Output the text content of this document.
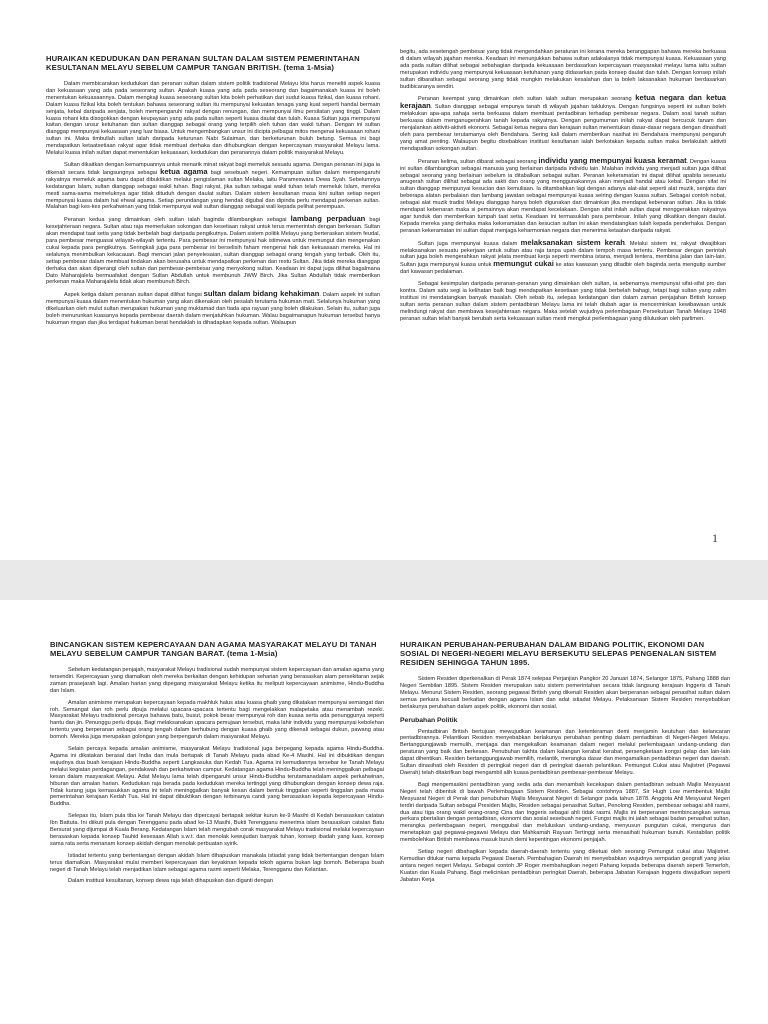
HURAIKAN KEDUDUKAN DAN PERANAN SULTAN DALAM SISTEM PEMERINTAHAN KESULTANAN MELAYU SEBELUM CAMPUR TANGAN BRITISH. (tema 1-Msia)

Dalam membicarakan kedudukan dan peranan sultan dalam sistem politik tradisional Melayu kita harus meneliti aspek kuasa dan kekuasaan yang ada pada seseorang sultan. Apakah kuasa yang ada pada seseorang dan bagaimanakah kuasa ini boleh menentukan kekuasaannya. Dalam mengkaji kuasa seseorang sultan kita boleh perhatikan dari sudut kuasa fizikal, dan kuasa rohani. Dalam kuasa fizikal kita boleh tentukan bahawa seseorang sultan itu mempunyai kekuatan tenaga yang kuat seperti handal bermain senjata, kebal daripada senjata, boleh mempengaruhi rakyat dengan renungan, dan mempunyai ilmu persilatan yang tinggi. Dalam kuasa rohani kita disogokkan dengan keupayaan yang ada pada sultan seperti kuasa daulat dan tulah. Kuasa Sultan juga mempunyai kaitan dengan unsur ketuhanan dan sultan dianggap sebagai orang yang terpilih oleh tuhan dan wakil tuhan. Dengan ini sultan dianggap mempunyai kekuasaan yang luar biasa. Untuk mengembangkan unsur ini dicipta pelbagai mitos mengenai kekuasaan rohani sultan ini. Maka timbullah sultan ialah daripada keturunan Nabi Sulaiman, dan berketurunan buluh betung. Semua ini bagi mendapatkan ketaatsetiaan rakyat agar tidak membuat derhaka dan dihubungkan dengan kepercayaan masyarakat Melayu lama. Melalui kuasa inilah sultan dapat menentukan kekuasaan, kedudukan dan peranannya dalam politik masyarakat Melayu.

Sultan dikaitkan dengan kemampuannya untuk menarik minat rakyat bagi memeluk sesuatu agama. Dengan peranan ini juga ia dikenali secara tidak langsungnya sebagai ketua agama bagi sesebuah negeri. Kemampuan sultan dalam mempengaruhi rakyatnya memeluk agama baru dapat dibuktikan melalui pengislaman sultan Melaka, iaitu Parameswara Dewa Syah. Sebelumnya kedatangan Islam, sultan dianggap sebagai wakil tuhan. Bagi rakyat, jika sultan sebagai wakil tuhan telah memeluk Islam, mereka mesti sama-sama memeluknya agar tidak dituduh dengan daulat sultan. Dalam sistem kesultanan masa kini sultan setiap negeri mempunyai kuasa dalam hal ehwal agama. Setiap perundangan yang hendak digubal dan dipinda perlu mendapat perkenan sultan. Malahan bagi kes-kes perkahwinan yang tidak mempunyai wali sultan dianggap sebagai wali kepada pelihat perempuan.

Peranan kedua yang dimainkan oleh sultan ialah baginda dilambangkan sebagai lambang perpaduan bagi kesejahteraan negara. Sultan atau raja memerlukan sokongan dan kesetiaan rakyat untuk terus memerintah dengan berkesan. Sultan akan mendapat taat setia yang tidak berbelah bagi daripada pengikutnya. Dalam sistem politik Melayu yang berteraskan sistem feudal, para pembesar menguasai wilayah-wilayah tertentu. Para pembesar ini mempunyai hak istimewa untuk memungut dan mengenakan cukai kepada para pengikutnya. Seringkali juga para pembesar ini berselisih faham mengenai hak dan kekuasaan mereka. Hal ini selalunya menimbulkan kekacauan. Bagi mencari jalan penyelesaian, sultan dianggap sebagai orang tengah yang terbaik. Oleh itu, setiap pembesar dalam membuat tindakan akan berusaha untuk mendapatkan perkenan dan restu Sultan. Jika tidak mereka dianggap derhaka dan akan diperangi oleh sultan dan pembesar-pembesar yang menyokong sultan. Keadaan ini dapat juga dilihat bagalmana Dato Maharajalela bermuafakat dengan Sultan Abdullah untuk membunuh JWW Birch. Jika Sultan Abdullah tidak memberikan perkenan maka Maharajalela tidak akan membunuh Birch.

Aspek ketiga dalam peranan sultan dapat dilihat fungsi sultan dalam bidang kehakiman. Dalam aspek ini sultan mempunyai kuasa dalam menentukan hukuman yang akan dikenakan oleh pesalah terutama hukuman mati. Selalunya hukuman yang dikeluarkan oleh mulut sultan merupakan hukuman yang muktamad dan tiada apa rayuan yang boleh dilakukan. Selain itu, sultan juga boleh menurunkan kuasanya kepada pembesar daerah dalam menjatuhkan hukuman. Walau bagaimanapun hukuman tersebut hanya hukuman ringan dan jika terdapat hukuman berat hendaklah ia dihadapkan kepada sultan. Walaupun

begitu, ada sesetengah pembesar yang tidak mengendahkan peraturan ini kerana mereka beranggapan bahawa mereka berkuasa di dalam wilayah jajahan mereka. Keadaan ini menunjukkan bahawa sultan adakalanya tidak mempunyai kuasa. Kekuasaan yang ada pada sultan dilihat sebagai sebahagian daripada kekuasaan berdasarkan kepercayaan masyarakat melayu lama iaitu sultan merupakan individu yang mempunyai kekuasaan ketuhanan yang didasarkan pada konsep daulat dan tulah. Dengan konsep inilah sultan dibaratkan sebagai seorang yang tidak mungkin melakukan kesalahan dan ia boleh laksanakan hukuman berdasarkan budibicaranya sendiri.

Peranan keempat yang dimainkan oleh sultan ialah sultan merupakan seorang ketua negara dan ketua kerajaan. Sultan dianggap sebagai empunya tanah di wilayah jajahan takluknya. Dengan fungsinya seperti ini sultan boleh melakukan apa-apa sahaja serta berkuasa dalam membuat pentadbiran terhadap pembesar negara. Dalam soal tanah sultan berkuasa dalam menganugerahkan tanah kepada rakyatnya. Dengan pengumuman inilah rakyat dapat bercucuk tanam dan menjalankan aktiviti-aktiviti ekonomi. Sebagai ketua negara dan kerajaan sultan menentukan dasar-dasar negara dengan dinasihati oleh para pembesar terutamanya oleh Bendahara. Sering kali dalam memberikan nasihat ini Bendahara mempunyai pengaruh yang amat penting. Walaupun begitu disebabkan institusi kesultanan ialah berkotakan kepada sultan maka berlakulah aktiviti mendapatkan sokongan sultan.

Peranan kelima, sultan dibarat sebagai seorang individu yang mempunyai kuasa keramat. Dengan kuasa ini sultan dilambangkan sebagai manusia yang berlainan daripada individu lain. Malahan individu yang menjadi sultan juga dilihat sebagai seorang yang berlainan sebelum ia ditabalkan sebagai sultan. Peranan kekeramatan ini dapat dilihat apabila seseuatu anugerah sultan dilihat sebagai ada sakti dan orang yang menggunakannya akan menjadi handal atau kebal. Dengan sifat ini sultan dianggap mempunyai kesucian dan kemuliaan. Ia ditambahkan lagi dengan adanya alat-alat seperti alat muzik, senjata dan beberapa alatan perbalaian dan lambang jawatan sebagai mempunyai kuasa seiring dengan kuasa sultan. Sebagai contoh nobat, sebagai alat muzik tradisi Melayu dianggap hanya boleh digunakan dan dimainkan jika mendapat kebenaran sultan. Jika ia tidak mendapat kebenaran maka si pemainnya akan mendapat kecelakaan. Dengan sifat inilah sultan dapat menggerakkan rakyatnya agar tunduk dan memberikan tumpah taat setia. Keadaan ini termasuklah para pembesar. Inilah yang dikaitkan dengan daulat. Kepada mereka yang derhaka maka kekeramatan dan kesucian sultan ini akan mendatangkan tulah kepada penderhaka. Dengan peranan kekeramatan ini sultan dapat menjaga keharmonian negara dan menerima ketaatan daripada rakyat.

Sultan juga mempunyai kuasa dalam melaksanakan sistem kerah. Melalui sistem ini, rakyat diwajibkan melaksanakan sesuatu pekerjaan untuk sultan atau raja tanpa upah dalam tempoh masa tertentu. Pembesar dengan perintah sultan juga boleh mengerahkan rakyat jelata membuat kerja seperti membina istana, menjadi tentera, membina jalan dan lain-lain. Sultan juga mempunyai kuasa untuk memungut cukai ke atas kawasan yang ditadbir oleh baginda serta mengutip sumber dari kawasan pedalaman.

Sebagai kesimpulan daripada peranan-peranan yang dimainkan oleh sultan, ia sebenarnya mempunyai sifat-sifat pro dan kontra. Dalam satu segi ia kelihatan baik bagi mendapatkan kesetiaan yang tidak berbelah bahagi, tetapi bagi sultan yang zalim institusi ini mendatangkan banyak masalah. Oleh sebab itu, selepas kedatangan dan dalam zaman penjajahan British konsep sultan serta peranan sultan dalam sistem pentadbiran Melayu lama ini telah diubah agar ia mencerminkan kewibawaan untuk melindungi rakyat dan membawa kesejahteraan negara. Maka setelah wujudnya perlembagaan Persekutuan Tanah Melayu 1948 peranan sultan telah banyak berubah serta kekuasaan sultan mesti mengikut perlembagaan yang diluluskan oleh parlimen.

1
BINCANGKAN SISTEM KEPERCAYAAN DAN AGAMA MASYARAKAT MELAYU DI TANAH MELAYU SEBELUM CAMPUR TANGAN BARAT. (tema 1-Msia)

Sebelum kedatangan penjajah, masyarakat Melayu tradisional sudah mempunyai sistem kepercayaan dan amalan agama yang tersendiri. Kepercayaan yang diamalkan oleh mereka berkaitan dengan kehidupan seharian yang berasaskan alam persekitaran sejak zaman prasejarah lagi. Amalan harian yang dipegang masyarakat Melayu ketika itu meliputi kepercayaan animisme, Hindu-Buddha dan Islam.

Amalan animisme merupakan kepercayaan kepada makhluk halus atau kuasa ghaib yang dikatakan mempunyai semangat dan roh. Semangat dan roh perlu dipuja melalui upacara-upacara tertentu bagi mengelakkan malapetaka atau menambah rezeki. Masyarakat Melayu tradisional percaya bahawa batu, busut, pokok besar mempunyai roh dan kuasa serta ada penunggunya seperti hantu dan jin. Penunggu perlu dipuja. Bagi melaksanakan upacara pemujaan tersebut, maka lahir individu yang mempunyai kebolehan tertentu yang berperanan sebagai orang tengah dalam berhubung dengan kuasa ghaib yang dikenali sebagai dukun, pawang atau bomoh. Mereka juga merupakan golongan yang berpengaruh dalam masyarakat Melayu.

Selain percaya kepada amalan animisme, masyarakat Melayu tradisional juga berpegang kepada agama Hindu-Buddha. Agama ini dikatakan berasal dari India dan mula bertapak di Tanah Melayu pada abad Ke-4 Masihi. Hal ini dibuktikan dengan wujudnya dua buah kerajaan Hindu-Buddha seperti Langkasuka dan Kedah Tua. Agama ini kemudiannya tersebar ke Tanah Melayu melalui kegiatan perdagangan, pendakwah dan perkahwinan campur. Kedatangan agama Hindu-Buddha telah meninggalkan pelbagai kesan dalam masyarakat Melayu. Adat Melayu lama telah dipengaruhi unsur Hindu-Buddha terutamanadalam aspek perkahwinan, hiburan dan amalan harian. Kedudukan raja berada pada kedudukan mereka tertinggi yang dihubungkan dengan konsep dewa raja. Tidak kurang juga kemasukkan agama ini telah meninggalkan banyak kesan dalam bentuk tinggalan seperti tinggalan pada masa pemerintahan kerajaan Kedah Tua. Hal ini dapat dibuktikan dengan terbinanya candi yang berasaskan kepada kepercayaan Hindu-Buddha.

Selepas itu, Islam pula tiba ke Tanah Melayu dan dipercayai bertapak sekitar kurun ke-9 Masihi di Kedah berasaskan catatan Ibn Battuta. Ini diikuti pula dengan Terengganu pada abad ke-13 Masihi, Bukti Terengganu menerima islam berasaskan catatan Batu Bersurat yang dijumpai di Kuala Berang. Kedatangan Islam telah mengubah corak masyarakat Melayu tradisional melalui kepercayaan berasaskan kepada konsep Tauhid kesesaan Allah s.w.t. dan menolak kewujudan banyak tuhan, konsep ibadah yang luas, konsep sama rata serta menanam konsep akidah dengan menolak perbuatan syirik.

Istiadat tertentu yang bertentangan dengan akidah Islam dihapuskan manakala istiadat yang tidak bertentangan dengan Islam terus diamalkan. Masyarakat mulai memberi kepercayaan dan keyakinan kepada tokoh agama bukan lagi bomoh. Beberapa buah negeri di Tanah Melayu telah menjadikan Islam sebagai agama rasmi seperti Melaka, Terengganu dan Kelantan.

Dalam institusi kesultanan, konsep dewa raja telah dihapuskan dan diganti dengan

HURAIKAN PERUBAHAN-PERUBAHAN DALAM BIDANG POLITIK, EKONOMI DAN SOSIAL DI NEGERI-NEGERI MELAYU BERSEKUTU SELEPAS PENGENALAN SISTEM RESIDEN SEHINGGA TAHUN 1895.

Sistem Residen diperkenalkan di Perak 1874 selepas Perjanjian Pangkor 20 Januari 1874, Selangor 1875, Pahang 1888 dan Negeri Sembilan 1895. Sistem Residen merupakan satu sistem pemerintahan secara tidak langsung kerajaan Inggeris di Tanah Melayu. Menurut Sistem Residen, seorang pegawai British yang dikenali Residen akan berperanan sebagai penasihat sultan dalam semua perkara kecuali berkaitan dengan agama Islam dan adat istiadat Melayu. Pelaksanaan Sistem Residen menyebabkan berlakunya perubahan dalam aspek politik, ekonomi dan sosial.

Perubahan Politik

Pentadbiran British bertujuan mewujudkan keamanan dan ketenteraman demi menjamin keutuhan dan kelancaran pentadbirannya. Pelantikan Residen menyebabkan berlakunya perubahan penting dalam pentadbiran di Negeri-Negeri Melayu. Bertanggungjawab memulih, menjaga dan mengekalkan keamanan dalam negeri melalui perlembagaan undang-undang dan peraturan yang baik dan berkesan. Penubuhan takhta dalam kalangan kerabat kerabat, persengketaan kongsi gelap dan lain-lain dapat dihentikan. Residen bertanggungjawab memilih, melantik, merangka dasar dan mengamalkan pentadbiran negeri dan daerah. Sultan dinasihati oleh Residen di peringkat negeri dan di peringkat daerah pelantikan. Pemungut Cukai atau Majistret (Pegawai Daerah) telah ditakrifkan bagi mengambil alih kuasa pentadbiran pembesar-pembesar Melayu.

Bagi mengemaskini pentadbiran yang sedia ada dan menambah kecekapan dalam pentadbiran sebuah Majlis Mesyuarat Negeri telah dibentuk di bawah Perlembagaan Sistem Residen. Sebagai contohnya 1887, Sir Hugh Low membentuk Majlis Mesyuarat Negeri di Perak dan penubuhan Majlis Mesyuarat Negeri di Selangor pada tahun 1878. Anggota Ahli Mesyuarat Negeri terdiri daripada Sultan sebagai Presiden Majlis, Residen sebagai penasihat Sultan, Penolong Residen, pembesar sebagai ahli rasmi, dua atau tiga orang wakil orang-orang Cina dan Inggeris sebagai ahli tidak rasmi. Majlis ini berperanan membincangkan semua perkara pbertalian dengan pentadbiran, ekonomi dan sosial sesebuah negeri. Fungsi majlis ini ialah sebagai badan penasihat sultan, merangka perlembagaan negeri, menggubal dan meluluskan undang-undang, menyusun pungutan cukai, mengurus dan menetapkan gaji pegawai-pegawai Melayu dan Mahkamah Rayuan Tertinggi serta menasihati hukuman bunuh. Kestabilan politik membolehkan British membawa masuk buruh demi kepentingan ekonomi penjajah.

Setiap negeri dibahagikan kepada daerah-daerah tertentu yang diketuai oleh seorang Pemungut cukai atau Majistret. Kemudian ditukar nama kepada Pegawai Daerah. Pembahagian Daerah ini menyebabkan wujudnya sempadan geografi yang jelas antara negeri negeri Melayu. Sebagai contoh JP Roger membahagikan negeri Pahang kepada beberapa daerah seperti Temerloh, Kuatan dan Kuala Pahang. Bagi melicinkan pentadbiran peringkat Daerah, beberapa Jabatan Kerajaan Inggeris diwujudkan seperti Jabatan Kerja
